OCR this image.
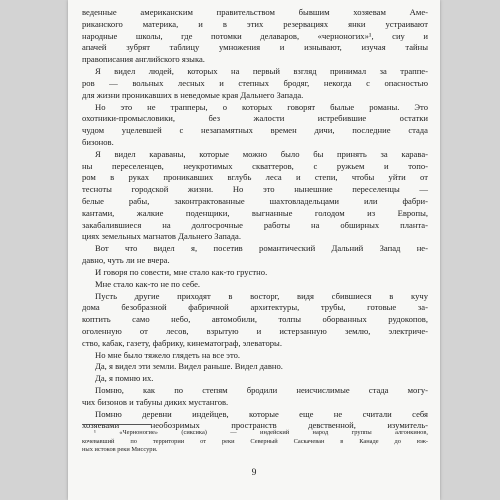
веденные американским правительством бывшим хозяевам Аме-
риканского материка, и в этих резервациях янки устраивают
народные школы, где потомки делаваров, «черноногих»¹, сиу и
апачей зубрят таблицу умножения и изнывают, изучая тайны
правописания английского языка.
Я видел людей, которых на первый взгляд принимал за траппе-
ров — вольных лесных и степных бродяг, некогда с опасностью
для жизни проникавших в неведомые края Дальнего Запада.
Но это не трапперы, о которых говорят былые романы. Это
охотники-промысловики, без жалости истребившие остатки
чудом уцелевшей с незапамятных времен дичи, последние стада
бизонов.
Я видел караваны, которые можно было бы принять за карава-
ны переселенцев, неукротимых скваттеров, с ружьем и топо-
ром в руках проникавших вглубь леса и степи, чтобы уйти от
тесноты городской жизни. Но это нынешние переселенцы —
белые рабы, законтрактованные шахтовладельцами или фабри-
кантами, жалкие поденщики, выгнанные голодом из Европы,
закабалившиеся на долгосрочные работы на обширных планта-
циях земельных магнатов Дальнего Запада.
Вот что видел я, посетив романтический Дальний Запад не-
давно, чуть ли не вчера.
И говоря по совести, мне стало как-то грустно.
Мне стало как-то не по себе.
Пусть другие приходят в восторг, видя сбившиеся в кучу
дома безобразной фабричной архитектуры, трубы, готовые за-
коптить само небо, автомобили, толпы оборванных рудокопов,
оголенную от лесов, взрытую и истерзанную землю, электриче-
ство, кабак, газету, фабрику, кинематограф, элеваторы.
Но мне было тяжело глядеть на все это.
Да, я видел эти земли. Видел раньше. Видел давно.
Да, я помню их.
Помню, как по степям бродили неисчислимые стада могу-
чих бизонов и табуны диких мустангов.
Помню деревни индейцев, которые еще не считали себя
хозяевами необозримых пространств девственной, изумитель-
¹ «Черноногие» (сиксика) — индейский народ группы алгонкинов,
кочевавший по территории от реки Северный Саскачеван в Канаде до юж-
ных истоков реки Миссури.
9
